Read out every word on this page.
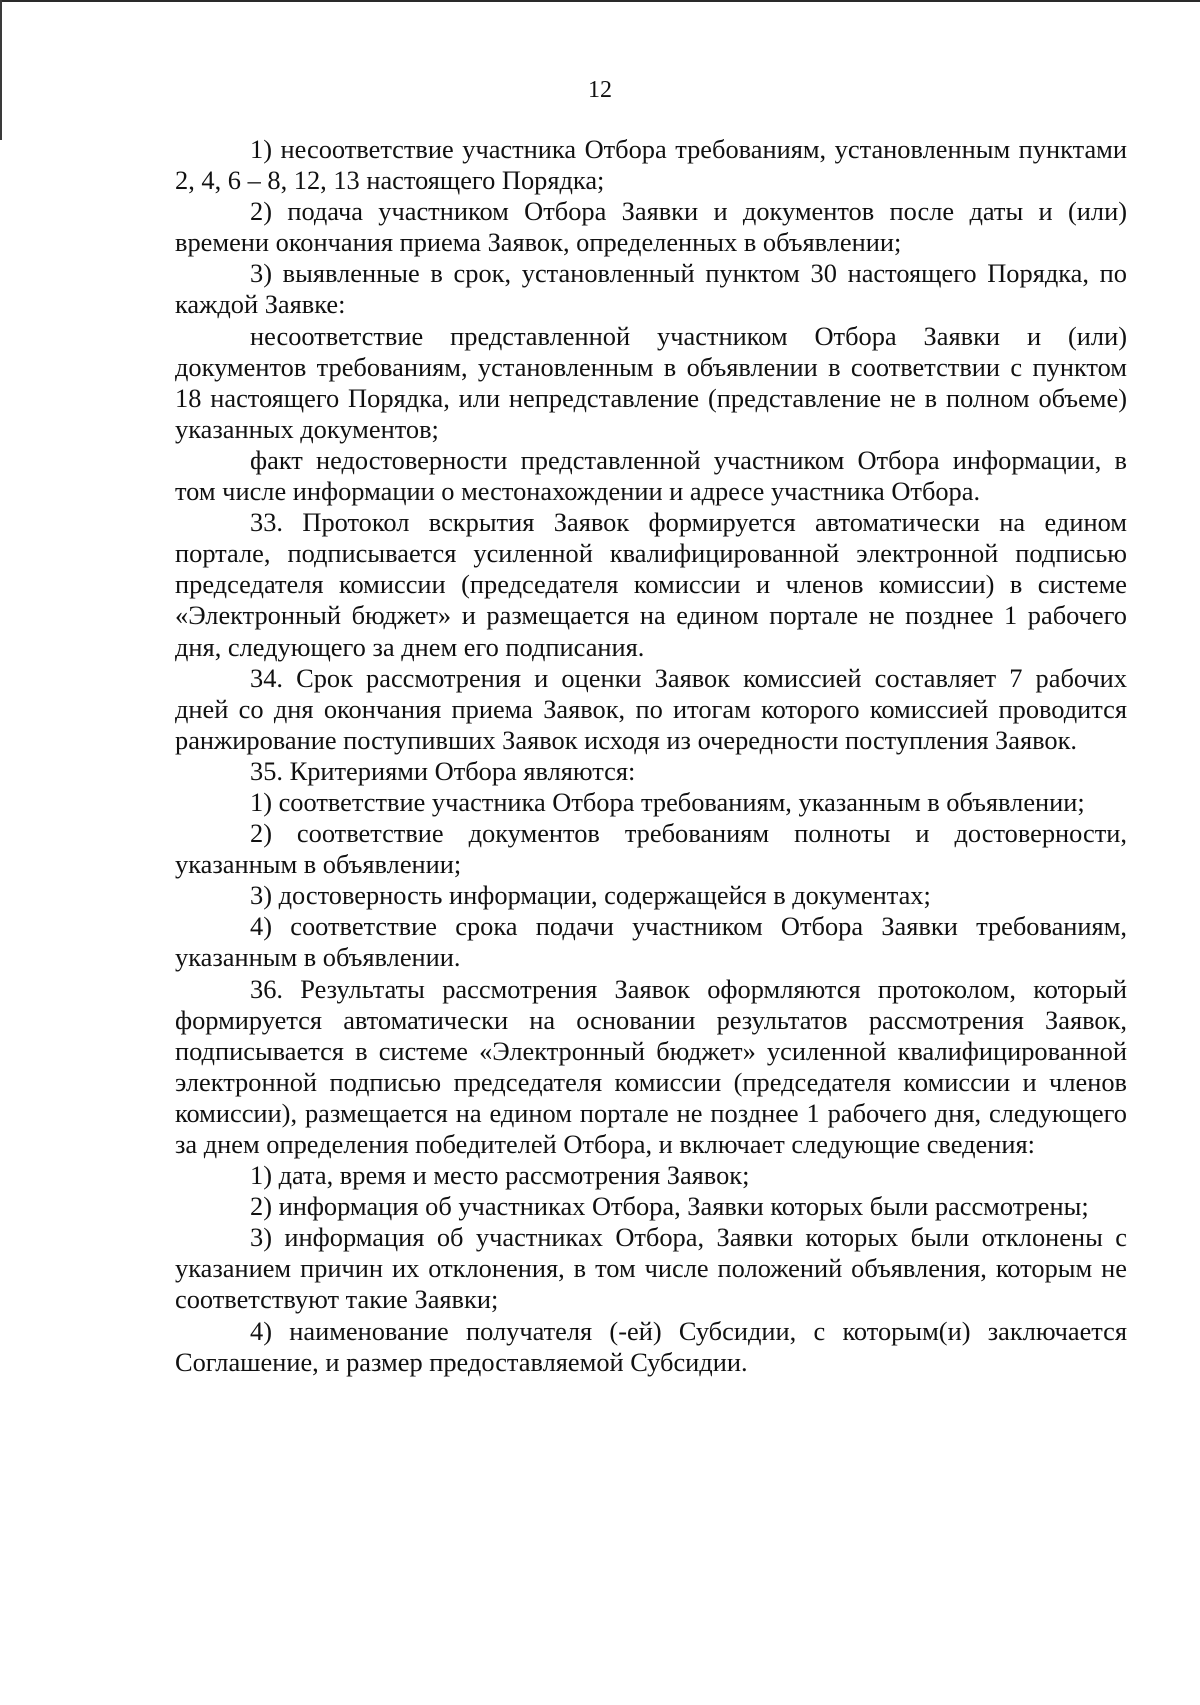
12

1) несоответствие участника Отбора требованиям, установленным пунктами 2, 4, 6 – 8, 12, 13 настоящего Порядка;

2) подача участником Отбора Заявки и документов после даты и (или) времени окончания приема Заявок, определенных в объявлении;

3) выявленные в срок, установленный пунктом 30 настоящего Порядка, по каждой Заявке:

несоответствие представленной участником Отбора Заявки и (или) документов требованиям, установленным в объявлении в соответствии с пунктом 18 настоящего Порядка, или непредставление (представление не в полном объеме) указанных документов;

факт недостоверности представленной участником Отбора информации, в том числе информации о местонахождении и адресе участника Отбора.

33. Протокол вскрытия Заявок формируется автоматически на едином портале, подписывается усиленной квалифицированной электронной подписью председателя комиссии (председателя комиссии и членов комиссии) в системе «Электронный бюджет» и размещается на едином портале не позднее 1 рабочего дня, следующего за днем его подписания.

34. Срок рассмотрения и оценки Заявок комиссией составляет 7 рабочих дней со дня окончания приема Заявок, по итогам которого комиссией проводится ранжирование поступивших Заявок исходя из очередности поступления Заявок.

35. Критериями Отбора являются:

1) соответствие участника Отбора требованиям, указанным в объявлении;

2) соответствие документов требованиям полноты и достоверности, указанным в объявлении;

3) достоверность информации, содержащейся в документах;

4) соответствие срока подачи участником Отбора Заявки требованиям, указанным в объявлении.

36. Результаты рассмотрения Заявок оформляются протоколом, который формируется автоматически на основании результатов рассмотрения Заявок, подписывается в системе «Электронный бюджет» усиленной квалифицированной электронной подписью председателя комиссии (председателя комиссии и членов комиссии), размещается на едином портале не позднее 1 рабочего дня, следующего за днем определения победителей Отбора, и включает следующие сведения:

1) дата, время и место рассмотрения Заявок;

2) информация об участниках Отбора, Заявки которых были рассмотрены;

3) информация об участниках Отбора, Заявки которых были отклонены с указанием причин их отклонения, в том числе положений объявления, которым не соответствуют такие Заявки;

4) наименование получателя (-ей) Субсидии, с которым(и) заключается Соглашение, и размер предоставляемой Субсидии.
